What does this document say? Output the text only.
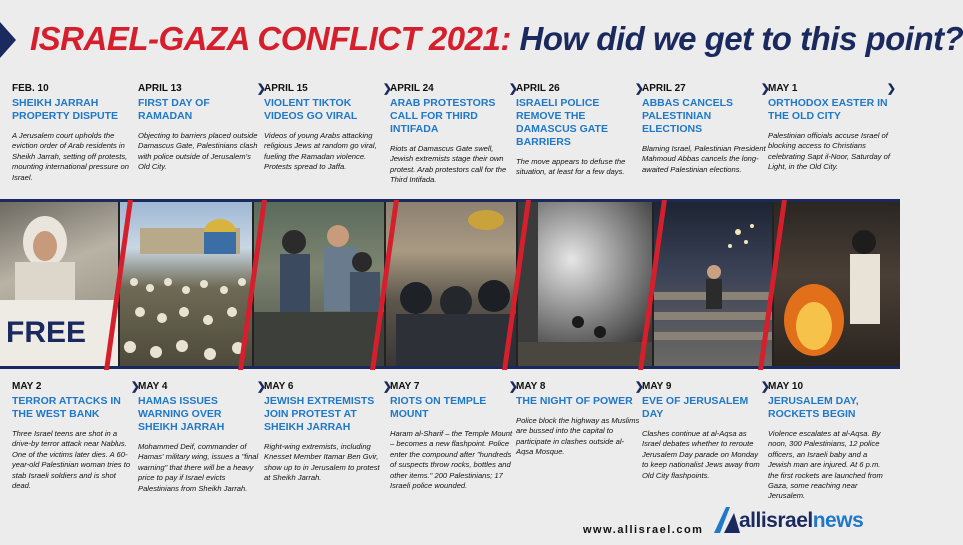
ISRAEL-GAZA CONFLICT 2021: How did we get to this point?
FEB. 10
SHEIKH JARRAH PROPERTY DISPUTE
A Jerusalem court upholds the eviction order of Arab residents in Sheikh Jarrah, setting off protests, mounting international pressure on Israel.
APRIL 13	❯
FIRST DAY OF RAMADAN
Objecting to barriers placed outside Damascus Gate, Palestinians clash with police outside of Jerusalem's Old City.
APRIL 15	❯
VIOLENT TIKTOK VIDEOS GO VIRAL
Videos of young Arabs attacking religious Jews at random go viral, fueling the Ramadan violence. Protests spread to Jaffa.
APRIL 24	❯
ARAB PROTESTORS CALL FOR THIRD INTIFADA
Riots at Damascus Gate swell, Jewish extremists stage their own protest. Arab protestors call for the Third Intifada.
APRIL 26	❯
ISRAELI POLICE REMOVE THE DAMASCUS GATE BARRIERS
The move appears to defuse the situation, at least for a few days.
APRIL 27	❯
ABBAS CANCELS PALESTINIAN ELECTIONS
Blaming Israel, Palestinian President Mahmoud Abbas cancels the long-awaited Palestinian elections.
MAY 1	❯
ORTHODOX EASTER IN THE OLD CITY
Palestinian officials accuse Israel of blocking access to Christians celebrating Sapt il-Noor, Saturday of Light, in the Old City.
FREE
MAY 2	❯
TERROR ATTACKS IN THE WEST BANK
Three Israel teens are shot in a drive-by terror attack near Nablus. One of the victims later dies. A 60-year-old Palestinian woman tries to stab Israeli soldiers and is shot dead.
MAY 4	❯
HAMAS ISSUES WARNING OVER SHEIKH JARRAH
Mohammed Deif, commander of Hamas' military wing, issues a "final warning" that there will be a heavy price to pay if Israel evicts Palestinians from Sheikh Jarrah.
MAY 6	❯
JEWISH EXTREMISTS JOIN PROTEST AT SHEIKH JARRAH
Right-wing extremists, including Knesset Member Itamar Ben Gvir, show up to in Jerusalem to protest at Sheikh Jarrah.
MAY 7	❯
RIOTS ON TEMPLE MOUNT
Haram al-Sharif – the Temple Mount – becomes a new flashpoint. Police enter the compound after "hundreds of suspects throw rocks, bottles and other items." 200 Palestinians; 17 Israeli police wounded.
MAY 8	❯
THE NIGHT OF POWER
Police block the highway as Muslims are bussed into the capital to participate in clashes outside al-Aqsa Mosque.
MAY 9	❯
EVE OF JERUSALEM DAY
Clashes continue at al-Aqsa as Israel debates whether to reroute Jerusalem Day parade on Monday to keep nationalist Jews away from Old City flashpoints.
MAY 10
JERUSALEM DAY, ROCKETS BEGIN
Violence escalates at al-Aqsa. By noon, 300 Palestinians, 12 police officers, an Israeli baby and a Jewish man are injured. At 6 p.m. the first rockets are launched from Gaza, some reaching near Jerusalem.
www.allisrael.com allisraelnews
